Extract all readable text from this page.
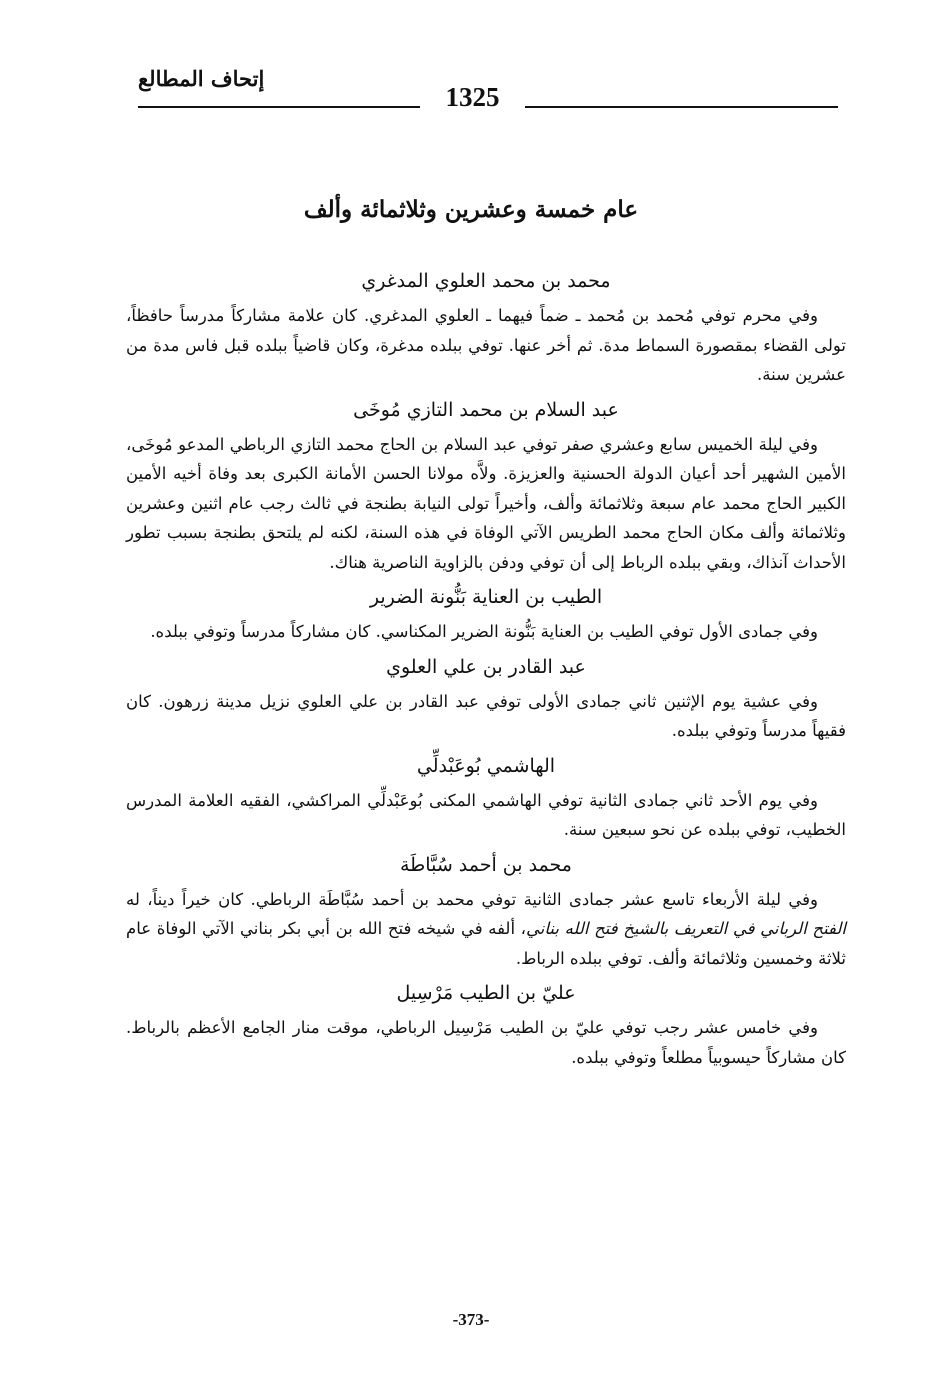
إتحاف المطالع
1325
عام خمسة وعشرين وثلاثمائة وألف
محمد بن محمد العلوي المدغري

وفي محرم توفي مُحمد بن مُحمد ـ ضماً فيهما ـ العلوي المدغري. كان علامة مشاركاً مدرساً حافظاً، تولى القضاء بمقصورة السماط مدة. ثم أخر عنها. توفي ببلده مدغرة، وكان قاضياً ببلده قبل فاس مدة من عشرين سنة.

عبد السلام بن محمد التازي مُوخَى

وفي ليلة الخميس سابع وعشري صفر توفي عبد السلام بن الحاج محمد التازي الرباطي المدعو مُوخَى، الأمين الشهير أحد أعيان الدولة الحسنية والعزيزة. ولاَّه مولانا الحسن الأمانة الكبرى بعد وفاة أخيه الأمين الكبير الحاج محمد عام سبعة وثلاثمائة وألف، وأخيراً تولى النيابة بطنجة في ثالث رجب عام اثنين وعشرين وثلاثمائة وألف مكان الحاج محمد الطريس الآتي الوفاة في هذه السنة، لكنه لم يلتحق بطنجة بسبب تطور الأحداث آنذاك، وبقي ببلده الرباط إلى أن توفي ودفن بالزاوية الناصرية هناك.

الطيب بن العناية بَنُّونة الضرير

وفي جمادى الأول توفي الطيب بن العناية بَنُّونة الضرير المكناسي. كان مشاركاً مدرساً وتوفي ببلده.

عبد القادر بن علي العلوي

وفي عشية يوم الإثنين ثاني جمادى الأولى توفي عبد القادر بن علي العلوي نزيل مدينة زرهون. كان فقيهاً مدرساً وتوفي ببلده.

الهاشمي بُوعَبْدلِّي

وفي يوم الأحد ثاني جمادى الثانية توفي الهاشمي المكنى بُوعَبْدلِّي المراكشي، الفقيه العلامة المدرس الخطيب، توفي ببلده عن نحو سبعين سنة.

محمد بن أحمد سُبَّاطَة

وفي ليلة الأربعاء تاسع عشر جمادى الثانية توفي محمد بن أحمد سُبَّاطَة الرباطي. كان خيراً ديناً، له الفتح الرباني في التعريف بالشيخ فتح الله بناني، ألفه في شيخه فتح الله بن أبي بكر بناني الآتي الوفاة عام ثلاثة وخمسين وثلاثمائة وألف. توفي ببلده الرباط.

عليّ بن الطيب مَرْسِيل

وفي خامس عشر رجب توفي عليّ بن الطيب مَرْسِيل الرباطي، موقت منار الجامع الأعظم بالرباط. كان مشاركاً حيسوبياً مطلعاً وتوفي ببلده.

-373-
